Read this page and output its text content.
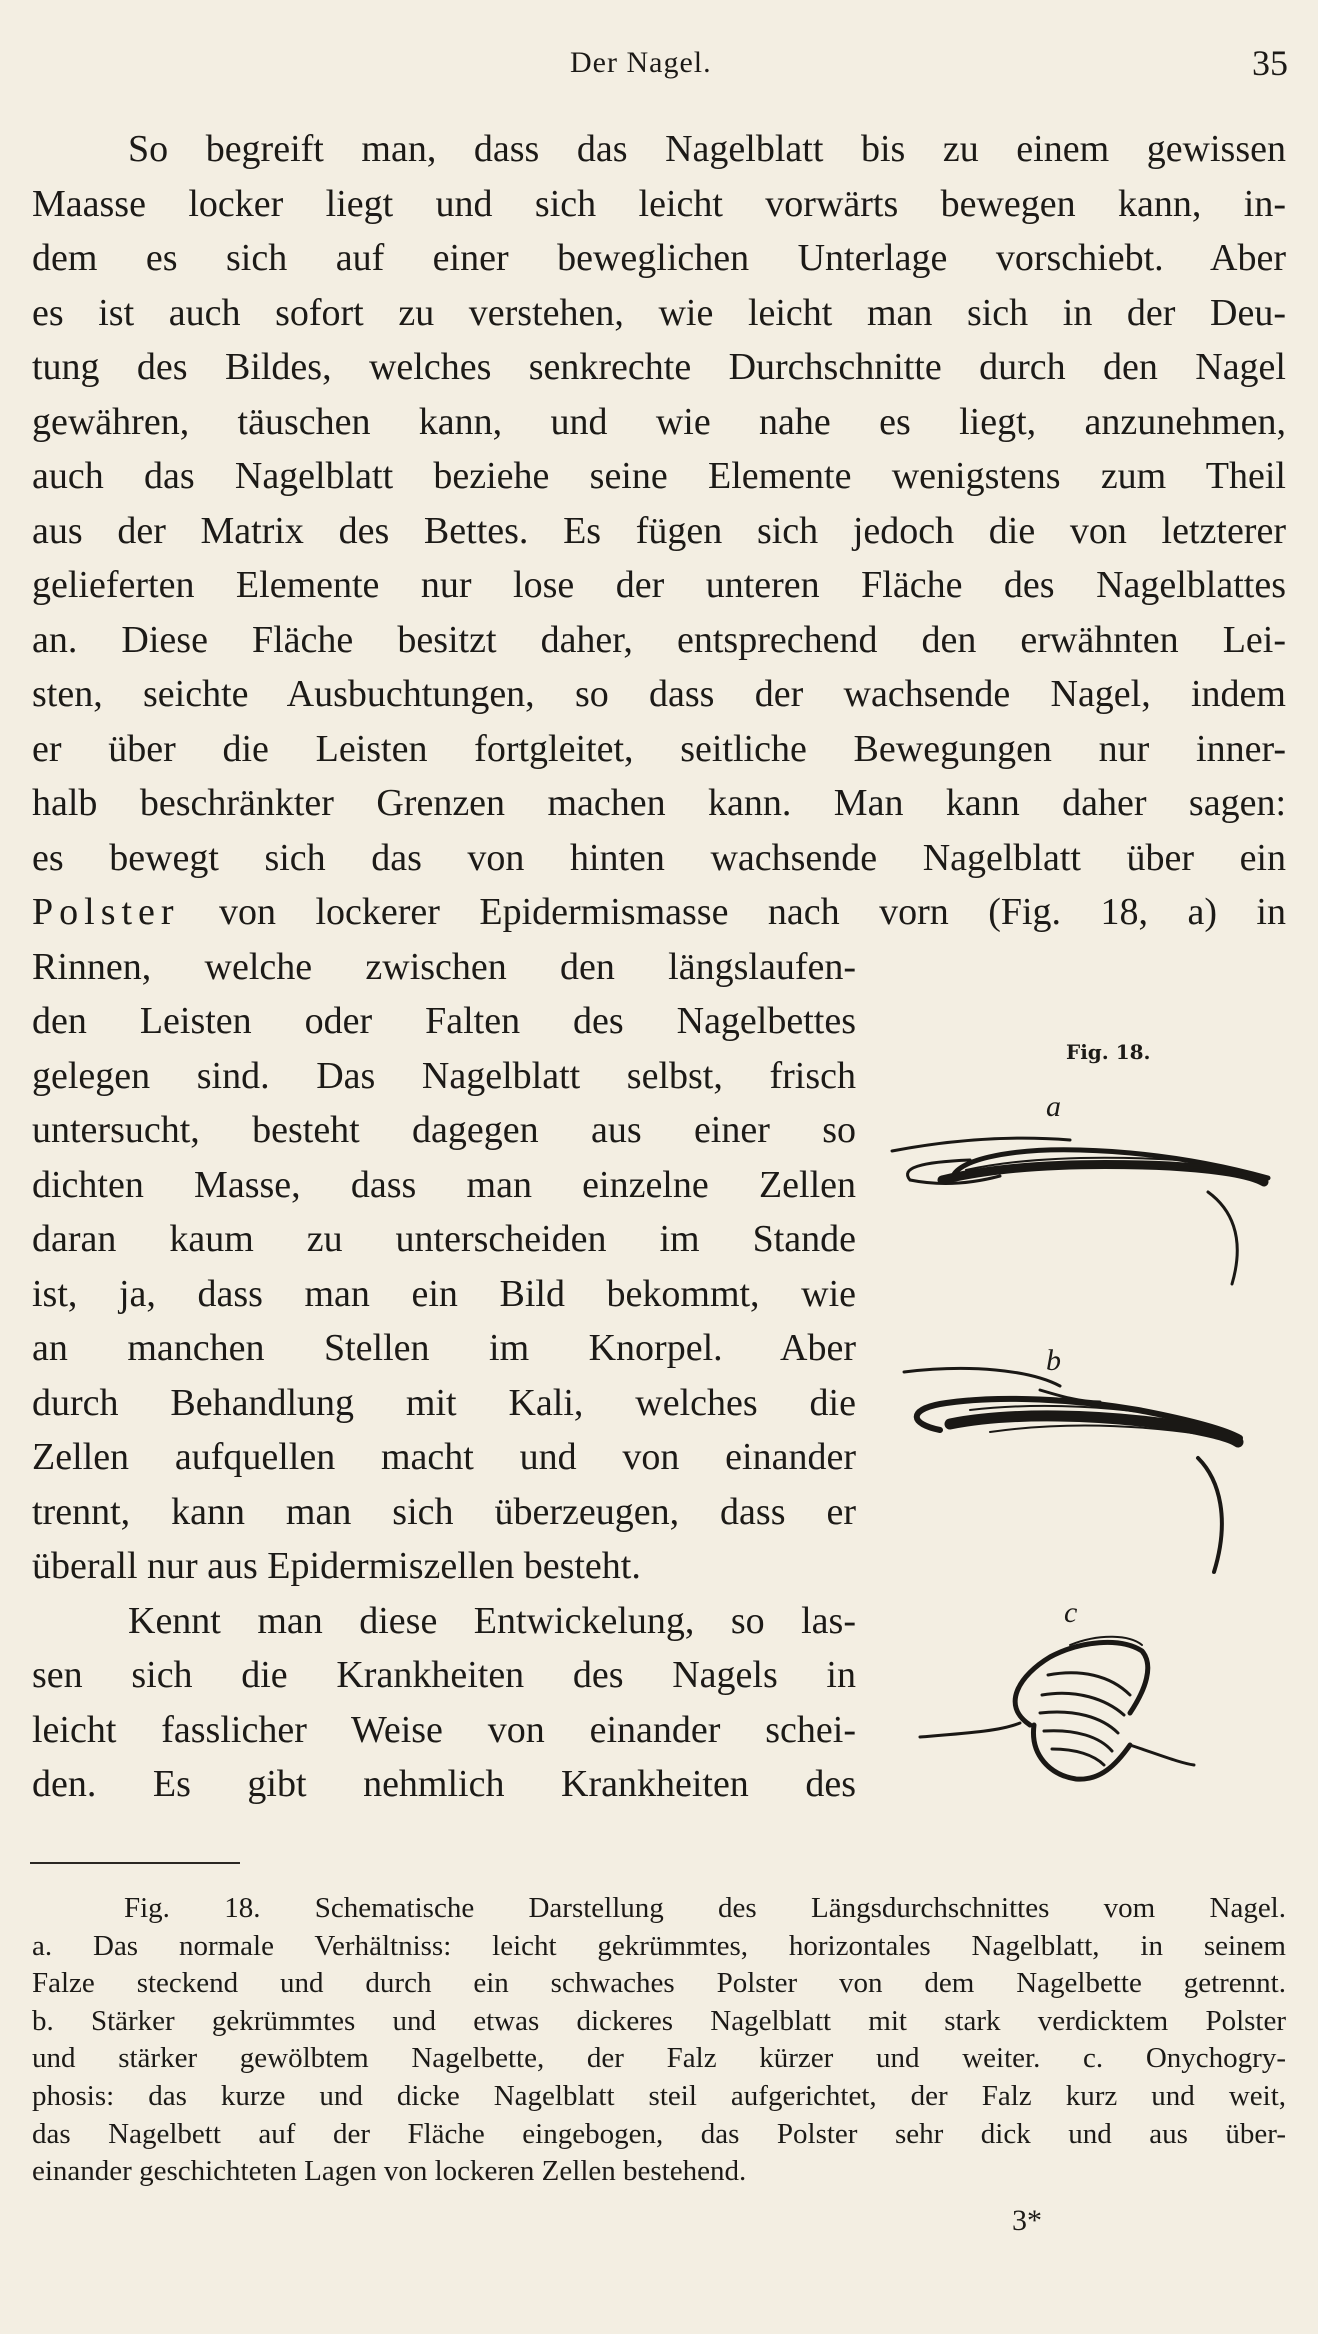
Der Nagel.	35
So begreift man, dass das Nagelblatt bis zu einem gewissen
Maasse locker liegt und sich leicht vorwärts bewegen kann, in-
dem es sich auf einer beweglichen Unterlage vorschiebt. Aber
es ist auch sofort zu verstehen, wie leicht man sich in der Deu-
tung des Bildes, welches senkrechte Durchschnitte durch den Nagel
gewähren, täuschen kann, und wie nahe es liegt, anzunehmen,
auch das Nagelblatt beziehe seine Elemente wenigstens zum Theil
aus der Matrix des Bettes. Es fügen sich jedoch die von letzterer
gelieferten Elemente nur lose der unteren Fläche des Nagelblattes
an. Diese Fläche besitzt daher, entsprechend den erwähnten Lei-
sten, seichte Ausbuchtungen, so dass der wachsende Nagel, indem
er über die Leisten fortgleitet, seitliche Bewegungen nur inner-
halb beschränkter Grenzen machen kann. Man kann daher sagen:
es bewegt sich das von hinten wachsende Nagelblatt über ein
Polster von lockerer Epidermismasse nach vorn (Fig. 18, a) in
Rinnen, welche zwischen den längslaufen-
den Leisten oder Falten des Nagelbettes
gelegen sind. Das Nagelblatt selbst, frisch
untersucht, besteht dagegen aus einer so
dichten Masse, dass man einzelne Zellen
daran kaum zu unterscheiden im Stande
ist, ja, dass man ein Bild bekommt, wie
an manchen Stellen im Knorpel. Aber
durch Behandlung mit Kali, welches die
Zellen aufquellen macht und von einander
trennt, kann man sich überzeugen, dass er
überall nur aus Epidermiszellen besteht.
Kennt man diese Entwickelung, so las-
sen sich die Krankheiten des Nagels in
leicht fasslicher Weise von einander schei-
den. Es gibt nehmlich Krankheiten des
Fig. 18.
a
b
c
Fig. 18. Schematische Darstellung des Längsdurchschnittes vom Nagel.
a. Das normale Verhältniss: leicht gekrümmtes, horizontales Nagelblatt, in seinem
Falze steckend und durch ein schwaches Polster von dem Nagelbette getrennt.
b. Stärker gekrümmtes und etwas dickeres Nagelblatt mit stark verdicktem Polster
und stärker gewölbtem Nagelbette, der Falz kürzer und weiter. c. Onychogry-
phosis: das kurze und dicke Nagelblatt steil aufgerichtet, der Falz kurz und weit,
das Nagelbett auf der Fläche eingebogen, das Polster sehr dick und aus über-
einander geschichteten Lagen von lockeren Zellen bestehend.
3*
